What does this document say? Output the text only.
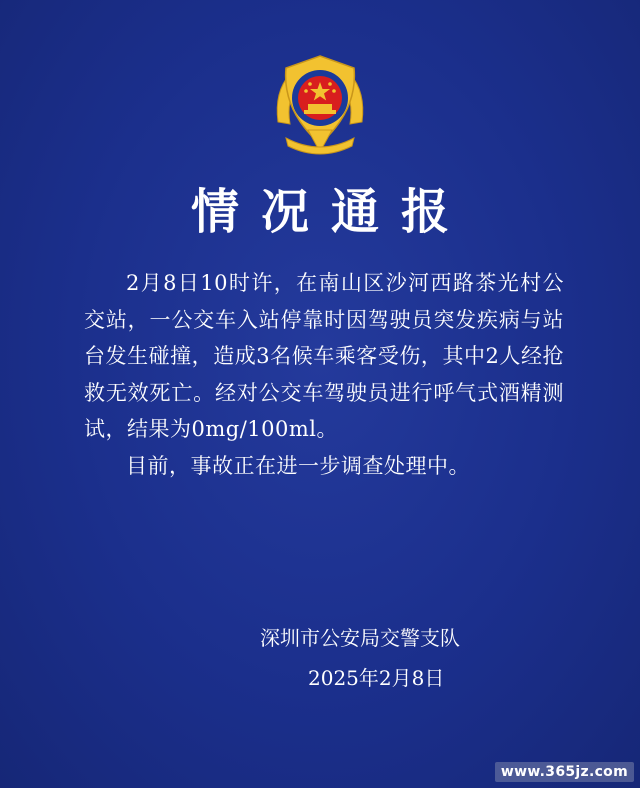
情况通报

2月8日10时许，在南山区沙河西路茶光村公交站，一公交车入站停靠时因驾驶员突发疾病与站台发生碰撞，造成3名候车乘客受伤，其中2人经抢救无效死亡。经对公交车驾驶员进行呼气式酒精测试，结果为0mg/100ml。

目前，事故正在进一步调查处理中。

深圳市公安局交警支队
2025年2月8日
www.365jz.com
